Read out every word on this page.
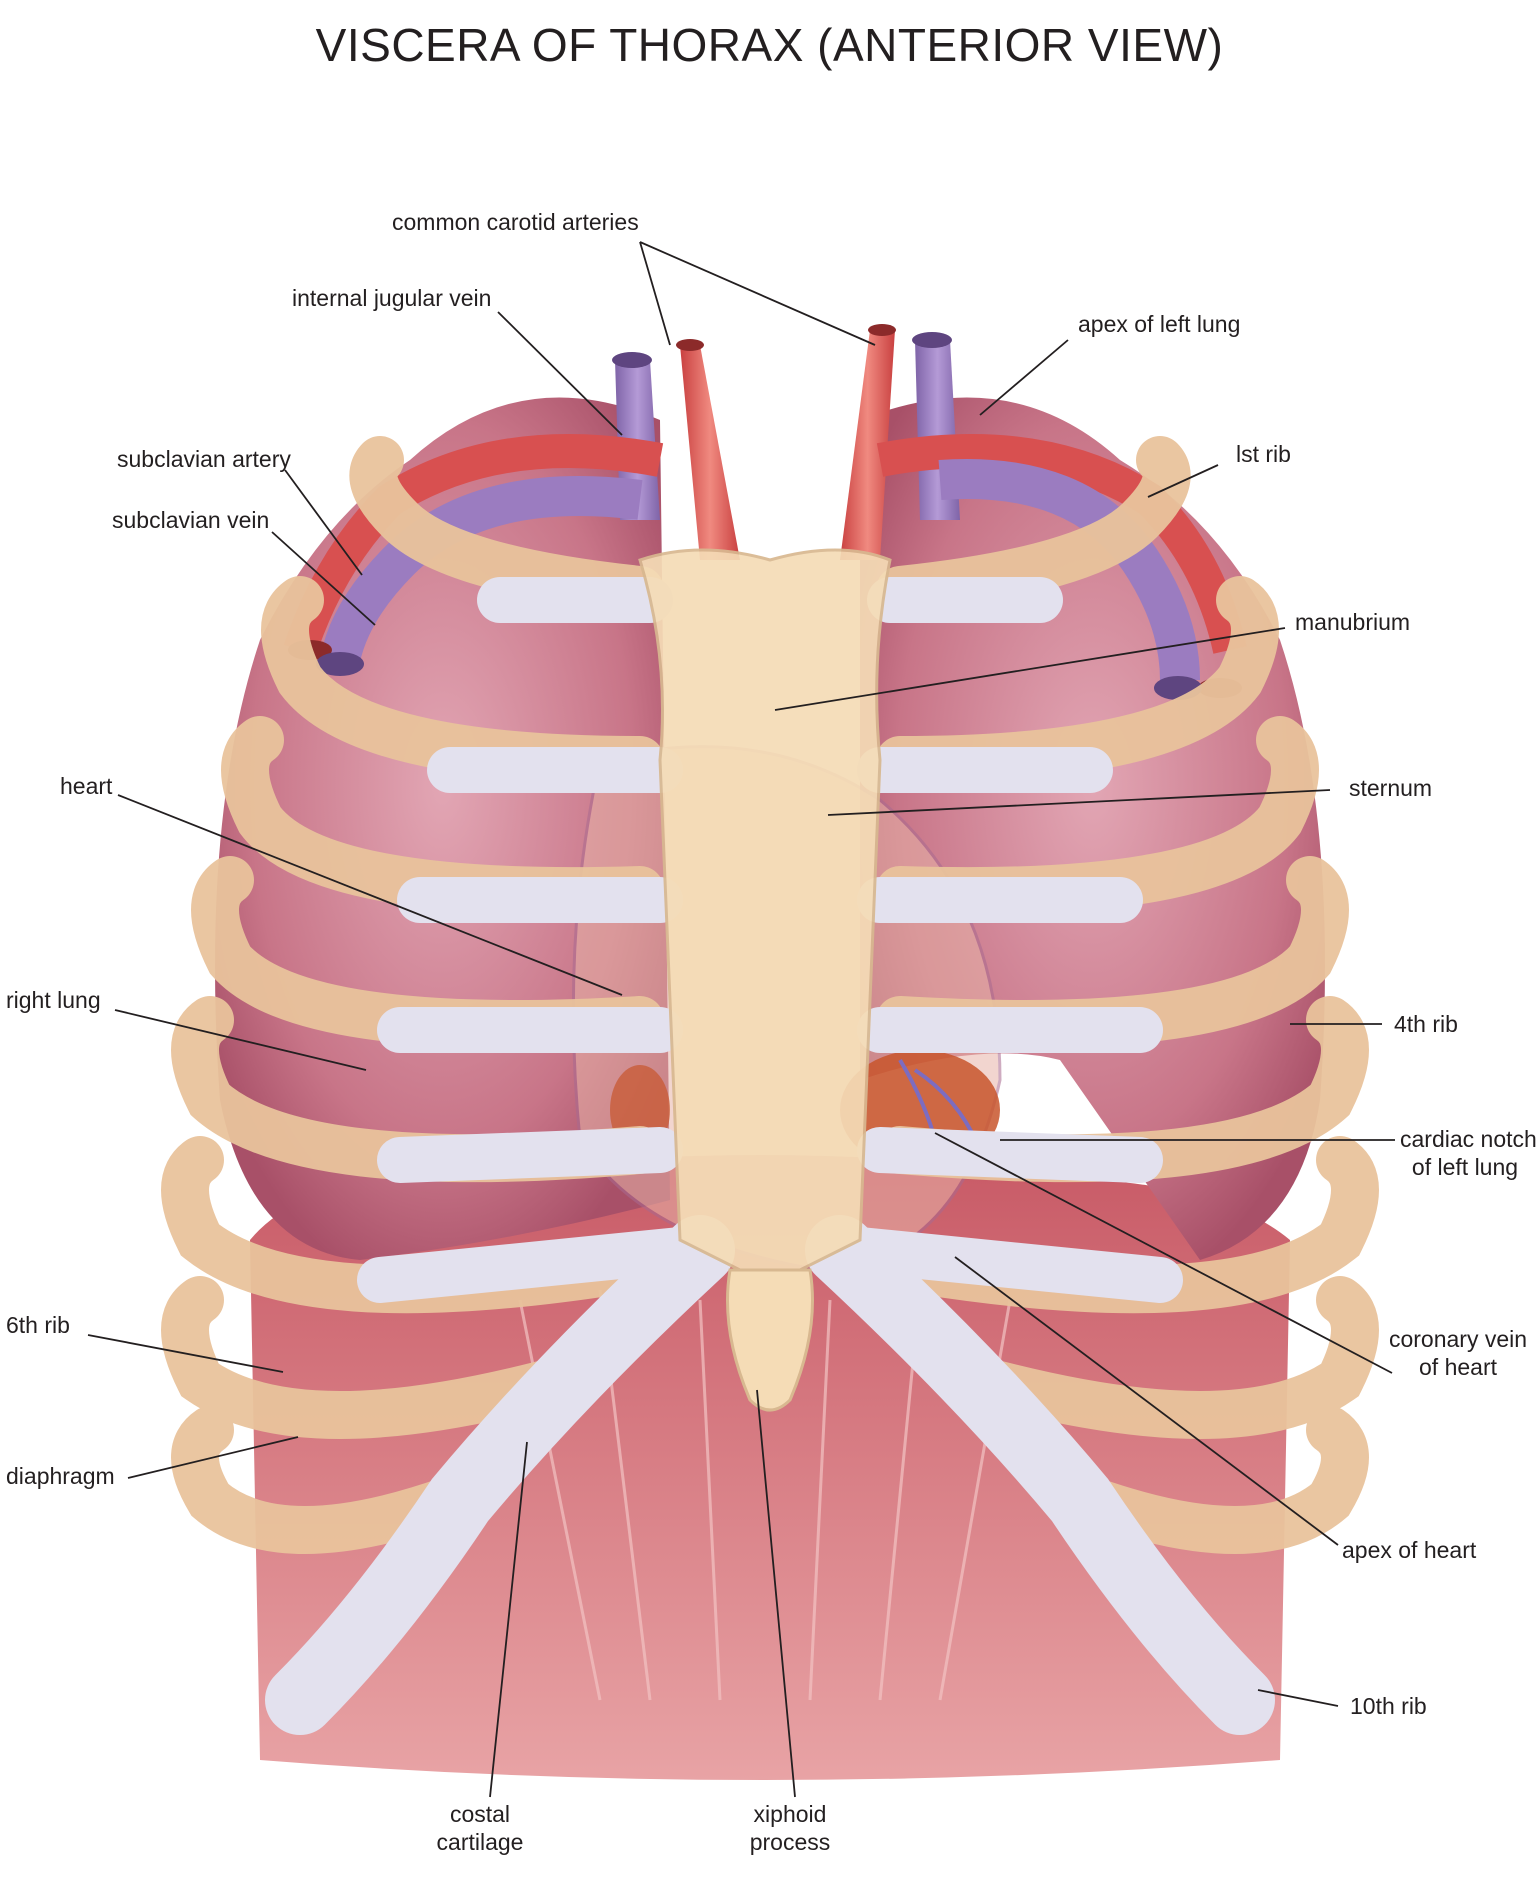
VISCERA OF THORAX (ANTERIOR VIEW)
common carotid arteries
internal jugular vein
apex of left lung
lst rib
subclavian artery
subclavian vein
manubrium
heart	sternum
right lung
4th rib
cardiac notch
of left lung
6th rib
coronary vein
of heart
diaphragm
apex of heart
10th rib
costal
cartilage
xiphoid
process
